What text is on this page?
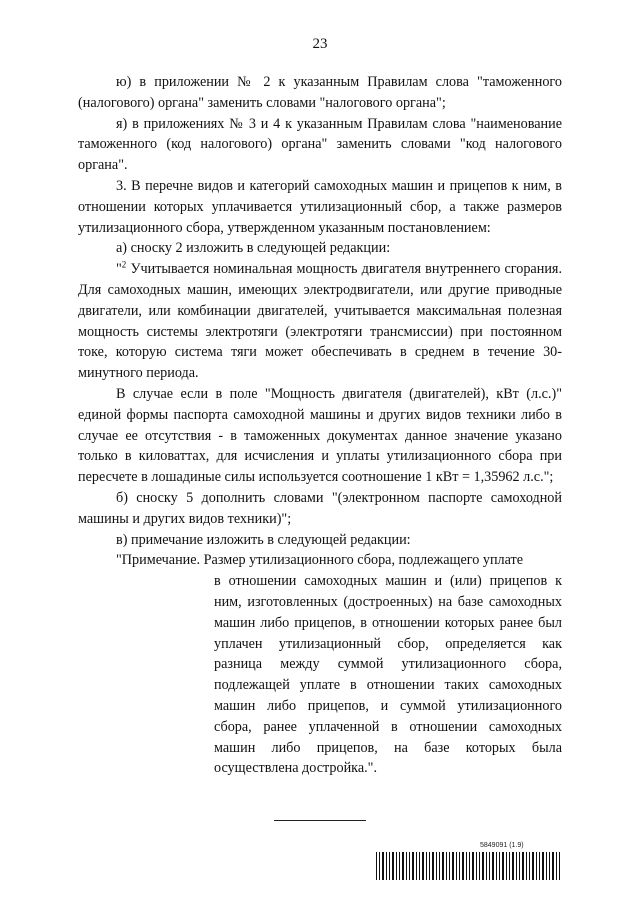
23

ю) в приложении № 2 к указанным Правилам слова "таможенного (налогового) органа" заменить словами "налогового органа";

я) в приложениях № 3 и 4 к указанным Правилам слова "наименование таможенного (код налогового) органа" заменить словами "код налогового органа".

3. В перечне видов и категорий самоходных машин и прицепов к ним, в отношении которых уплачивается утилизационный сбор, а также размеров утилизационного сбора, утвержденном указанным постановлением:

а) сноску 2 изложить в следующей редакции:

"$^2$ Учитывается номинальная мощность двигателя внутреннего сгорания. Для самоходных машин, имеющих электродвигатели, или другие приводные двигатели, или комбинации двигателей, учитывается максимальная полезная мощность системы электротяги (электротяги трансмиссии) при постоянном токе, которую система тяги может обеспечивать в среднем в течение 30-минутного периода.

В случае если в поле "Мощность двигателя (двигателей), кВт (л.с.)" единой формы паспорта самоходной машины и других видов техники либо в случае ее отсутствия - в таможенных документах данное значение указано только в киловаттах, для исчисления и уплаты утилизационного сбора при пересчете в лошадиные силы используется соотношение 1 кВт = 1,35962 л.с.";

б) сноску 5 дополнить словами "(электронном паспорте самоходной машины и других видов техники)";

в) примечание изложить в следующей редакции:

"Примечание. Размер утилизационного сбора, подлежащего уплате

в отношении самоходных машин и (или) прицепов к ним, изготовленных (достроенных) на базе самоходных машин либо прицепов, в отношении которых ранее был уплачен утилизационный сбор, определяется как разница между суммой утилизационного сбора, подлежащей уплате в отношении таких самоходных машин либо прицепов, и суммой утилизационного сбора, ранее уплаченной в отношении самоходных машин либо прицепов, на базе которых была осуществлена достройка.".

5849091 (1.9)
